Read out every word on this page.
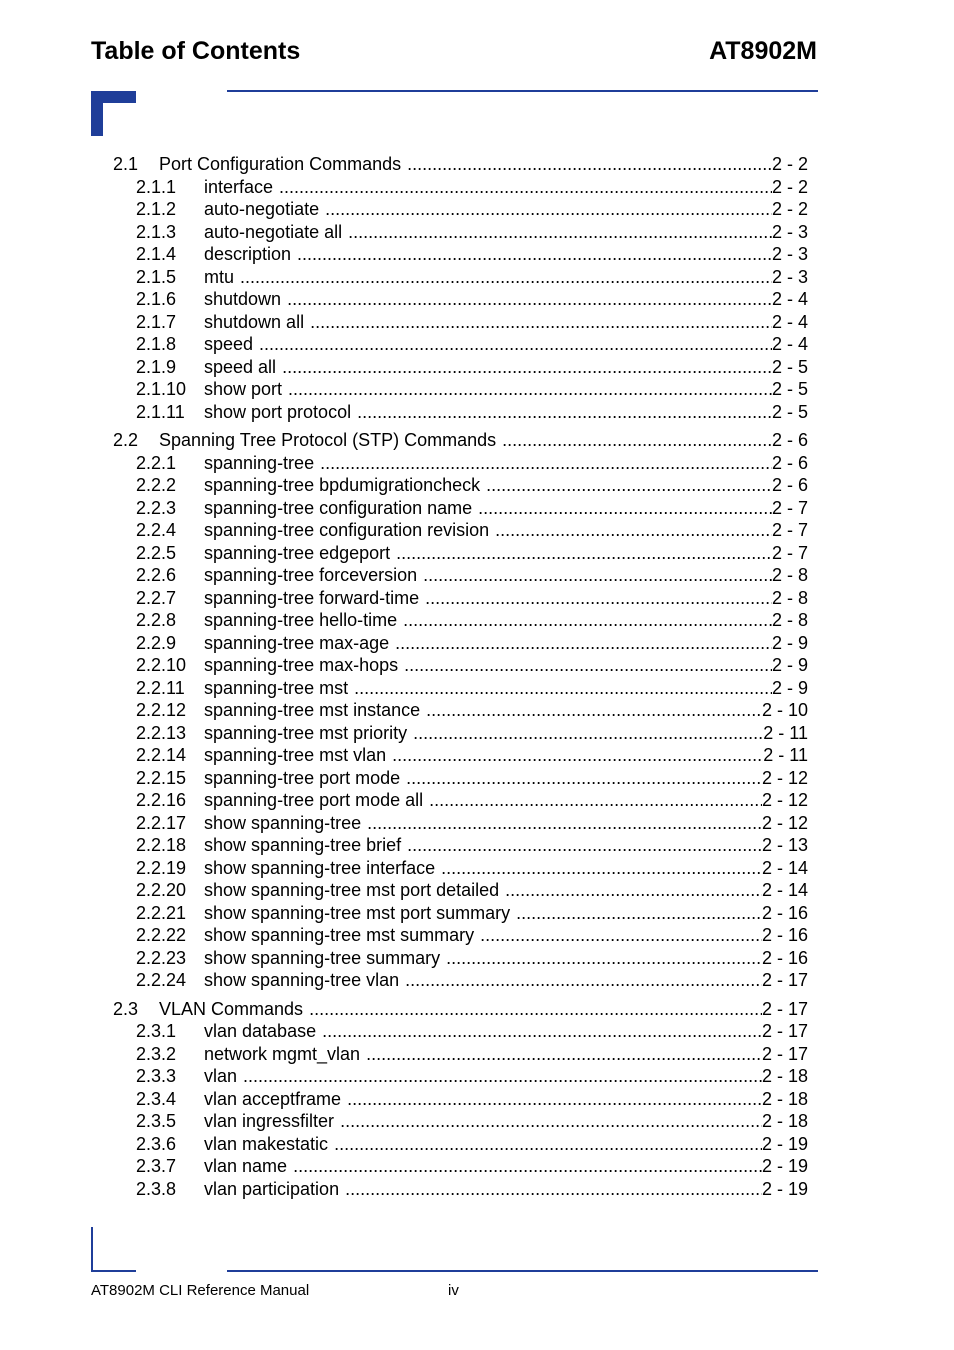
Table of Contents	AT8902M
2.1 Port Configuration Commands .....	2 - 2
2.1.1 interface .....	2 - 2
2.1.2 auto-negotiate .....	2 - 2
2.1.3 auto-negotiate all .....	2 - 3
2.1.4 description .....	2 - 3
2.1.5 mtu .....	2 - 3
2.1.6 shutdown .....	2 - 4
2.1.7 shutdown all .....	2 - 4
2.1.8 speed .....	2 - 4
2.1.9 speed all .....	2 - 5
2.1.10 show port .....	2 - 5
2.1.11 show port protocol .....	2 - 5
2.2 Spanning Tree Protocol (STP) Commands .....	2 - 6
2.2.1 spanning-tree .....	2 - 6
2.2.2 spanning-tree bpdumigrationcheck .....	2 - 6
2.2.3 spanning-tree configuration name .....	2 - 7
2.2.4 spanning-tree configuration revision .....	2 - 7
2.2.5 spanning-tree edgeport .....	2 - 7
2.2.6 spanning-tree forceversion .....	2 - 8
2.2.7 spanning-tree forward-time .....	2 - 8
2.2.8 spanning-tree hello-time .....	2 - 8
2.2.9 spanning-tree max-age .....	2 - 9
2.2.10 spanning-tree max-hops .....	2 - 9
2.2.11 spanning-tree mst .....	2 - 9
2.2.12 spanning-tree mst instance .....	2 - 10
2.2.13 spanning-tree mst priority .....	2 - 11
2.2.14 spanning-tree mst vlan .....	2 - 11
2.2.15 spanning-tree port mode .....	2 - 12
2.2.16 spanning-tree port mode all .....	2 - 12
2.2.17 show spanning-tree .....	2 - 12
2.2.18 show spanning-tree brief .....	2 - 13
2.2.19 show spanning-tree interface .....	2 - 14
2.2.20 show spanning-tree mst port detailed .....	2 - 14
2.2.21 show spanning-tree mst port summary .....	2 - 16
2.2.22 show spanning-tree mst summary .....	2 - 16
2.2.23 show spanning-tree summary .....	2 - 16
2.2.24 show spanning-tree vlan .....	2 - 17
2.3 VLAN Commands .....	2 - 17
2.3.1 vlan database .....	2 - 17
2.3.2 network mgmt_vlan .....	2 - 17
2.3.3 vlan .....	2 - 18
2.3.4 vlan acceptframe .....	2 - 18
2.3.5 vlan ingressfilter .....	2 - 18
2.3.6 vlan makestatic .....	2 - 19
2.3.7 vlan name .....	2 - 19
2.3.8 vlan participation .....	2 - 19
AT8902M CLI Reference Manual	iv
